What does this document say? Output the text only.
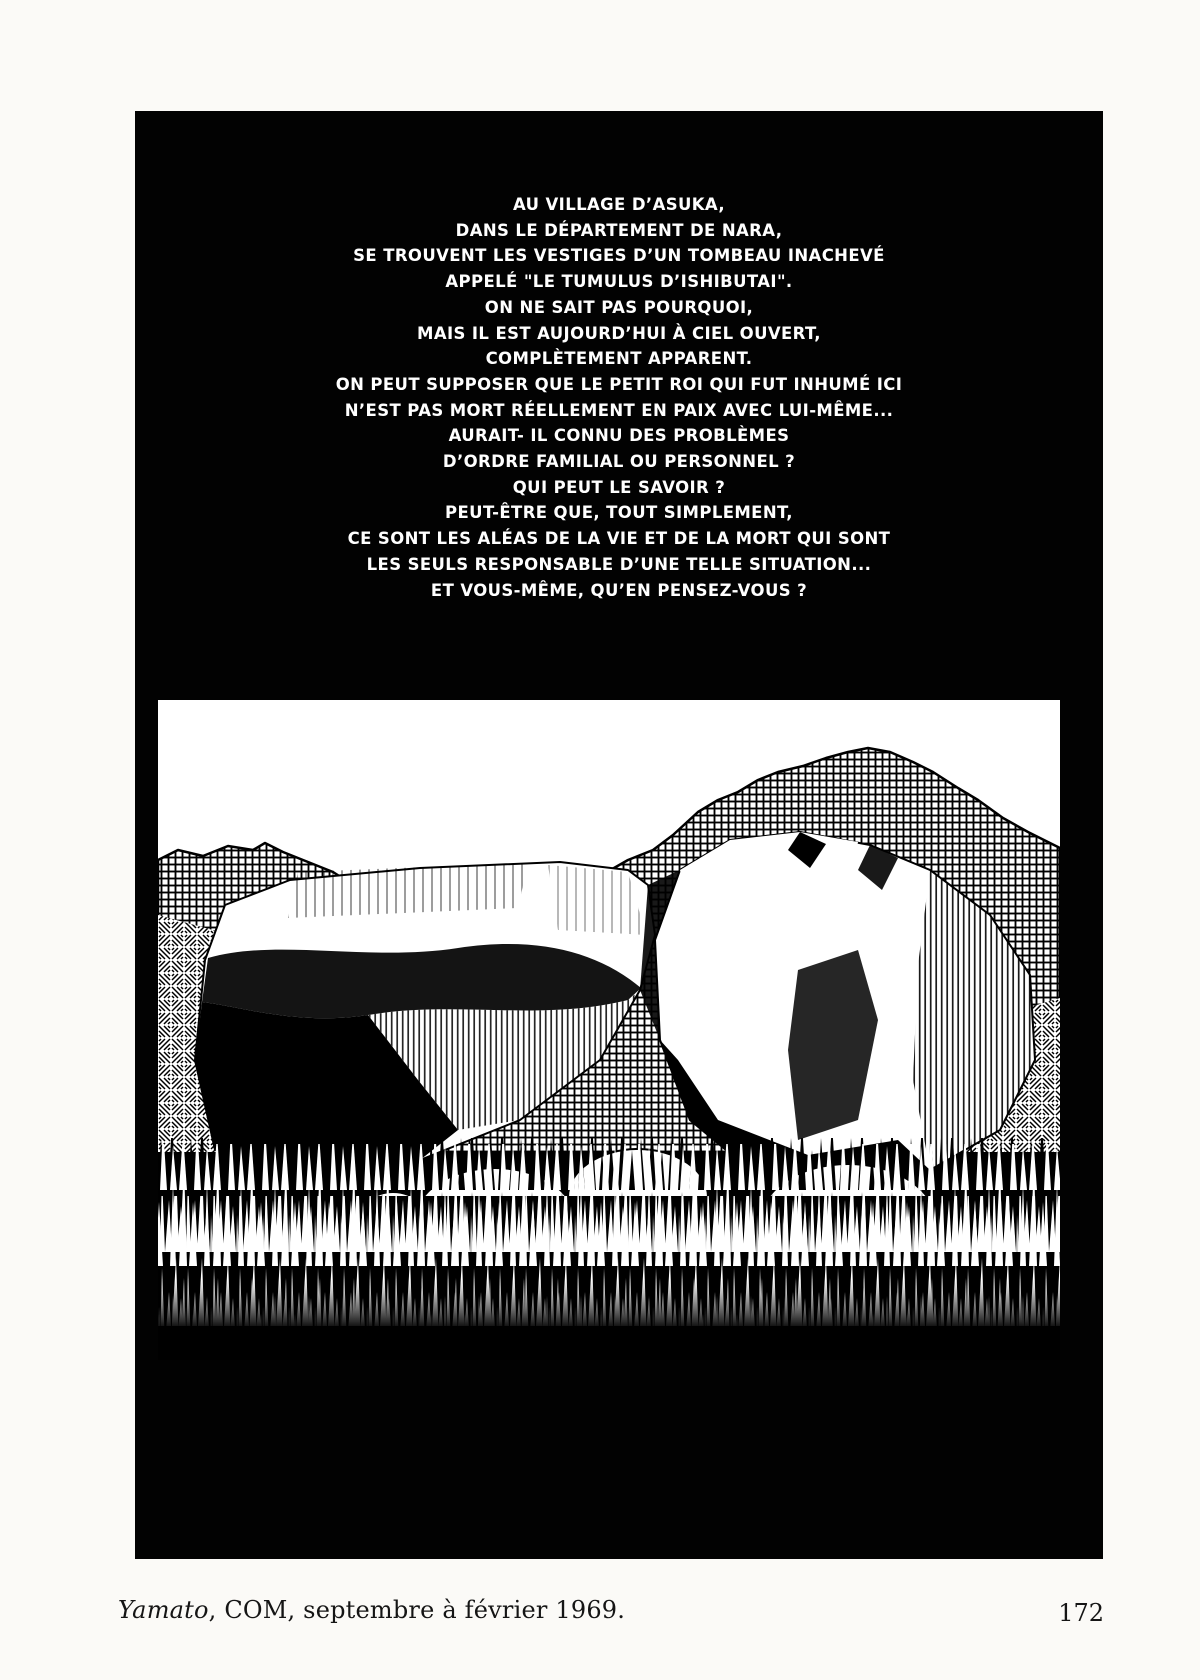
AU VILLAGE D’ASUKA,
DANS LE DÉPARTEMENT DE NARA,
SE TROUVENT LES VESTIGES D’UN TOMBEAU INACHEVÉ
APPELÉ "LE TUMULUS D’ISHIBUTAI".
ON NE SAIT PAS POURQUOI,
MAIS IL EST AUJOURD’HUI À CIEL OUVERT,
COMPLÈTEMENT APPARENT.
ON PEUT SUPPOSER QUE LE PETIT ROI QUI FUT INHUMÉ ICI
N’EST PAS MORT RÉELLEMENT EN PAIX AVEC LUI-MÊME...
AURAIT- IL CONNU DES PROBLÈMES
D’ORDRE FAMILIAL OU PERSONNEL ?
QUI PEUT LE SAVOIR ?
PEUT-ÊTRE QUE, TOUT SIMPLEMENT,
CE SONT LES ALÉAS DE LA VIE ET DE LA MORT QUI SONT
LES SEULS RESPONSABLE D’UNE TELLE SITUATION...
ET VOUS-MÊME, QU’EN PENSEZ-VOUS ?
Yamato, COM, septembre à février 1969.	172
